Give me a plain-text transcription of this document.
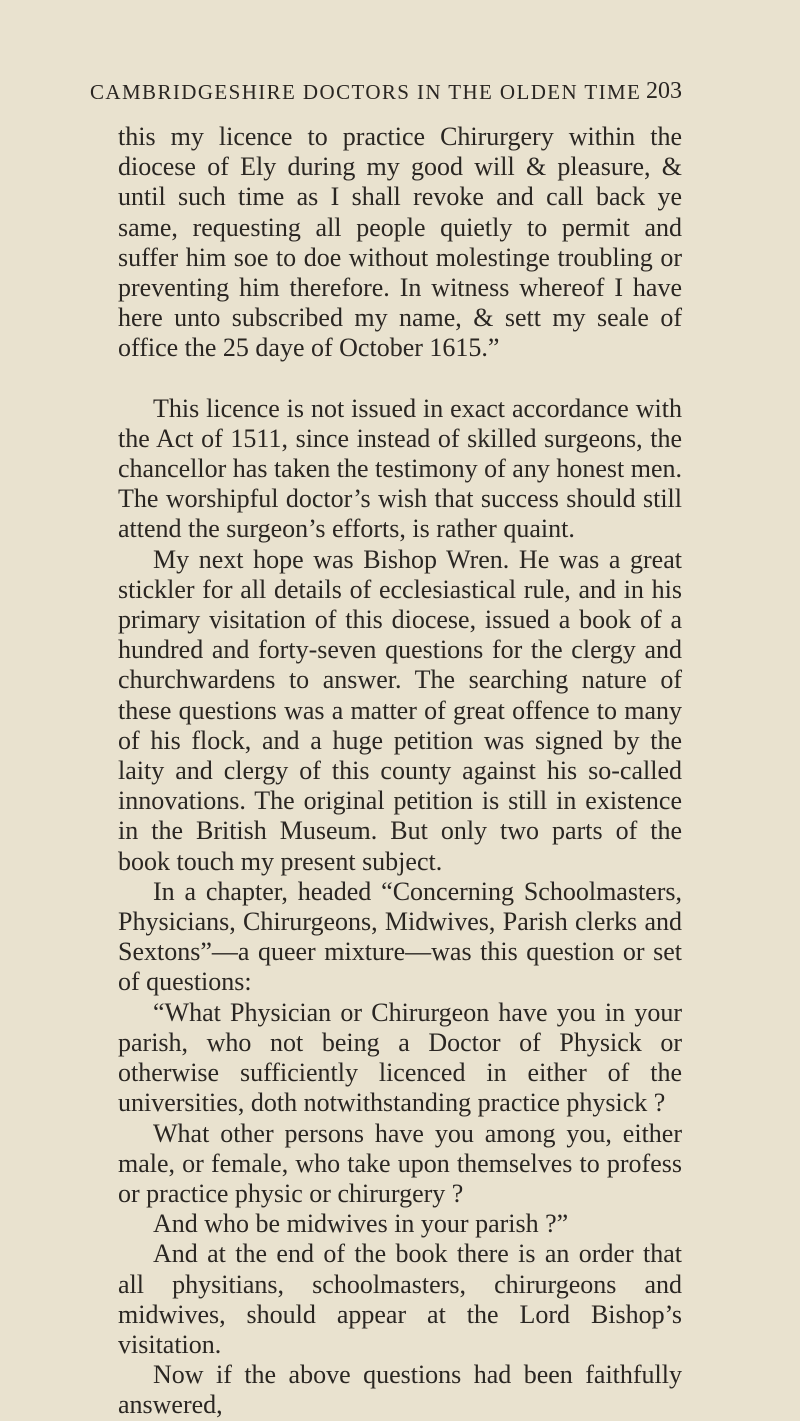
CAMBRIDGESHIRE DOCTORS IN THE OLDEN TIME 203

this my licence to practice Chirurgery within the diocese of Ely during my good will & pleasure, & until such time as I shall revoke and call back ye same, requesting all people quietly to permit and suffer him soe to doe without molestinge troubling or preventing him therefore. In witness whereof I have here unto subscribed my name, & sett my seale of office the 25 daye of October 1615.”

This licence is not issued in exact accordance with the Act of 1511, since instead of skilled surgeons, the chancellor has taken the testimony of any honest men. The worshipful doctor’s wish that success should still attend the surgeon’s efforts, is rather quaint.

My next hope was Bishop Wren. He was a great stickler for all details of ecclesiastical rule, and in his primary visitation of this diocese, issued a book of a hundred and forty-seven questions for the clergy and churchwardens to answer. The searching nature of these questions was a matter of great offence to many of his flock, and a huge petition was signed by the laity and clergy of this county against his so-called innovations. The original petition is still in existence in the British Museum. But only two parts of the book touch my present subject.

In a chapter, headed “Concerning Schoolmasters, Physicians, Chirurgeons, Midwives, Parish clerks and Sextons”—a queer mixture—was this question or set of questions:

“What Physician or Chirurgeon have you in your parish, who not being a Doctor of Physick or otherwise sufficiently licenced in either of the universities, doth notwithstanding practice physick ?

What other persons have you among you, either male, or female, who take upon themselves to profess or practice physic or chirurgery ?

And who be midwives in your parish ?”

And at the end of the book there is an order that all physitians, schoolmasters, chirurgeons and midwives, should appear at the Lord Bishop’s visitation.

Now if the above questions had been faithfully answered,
